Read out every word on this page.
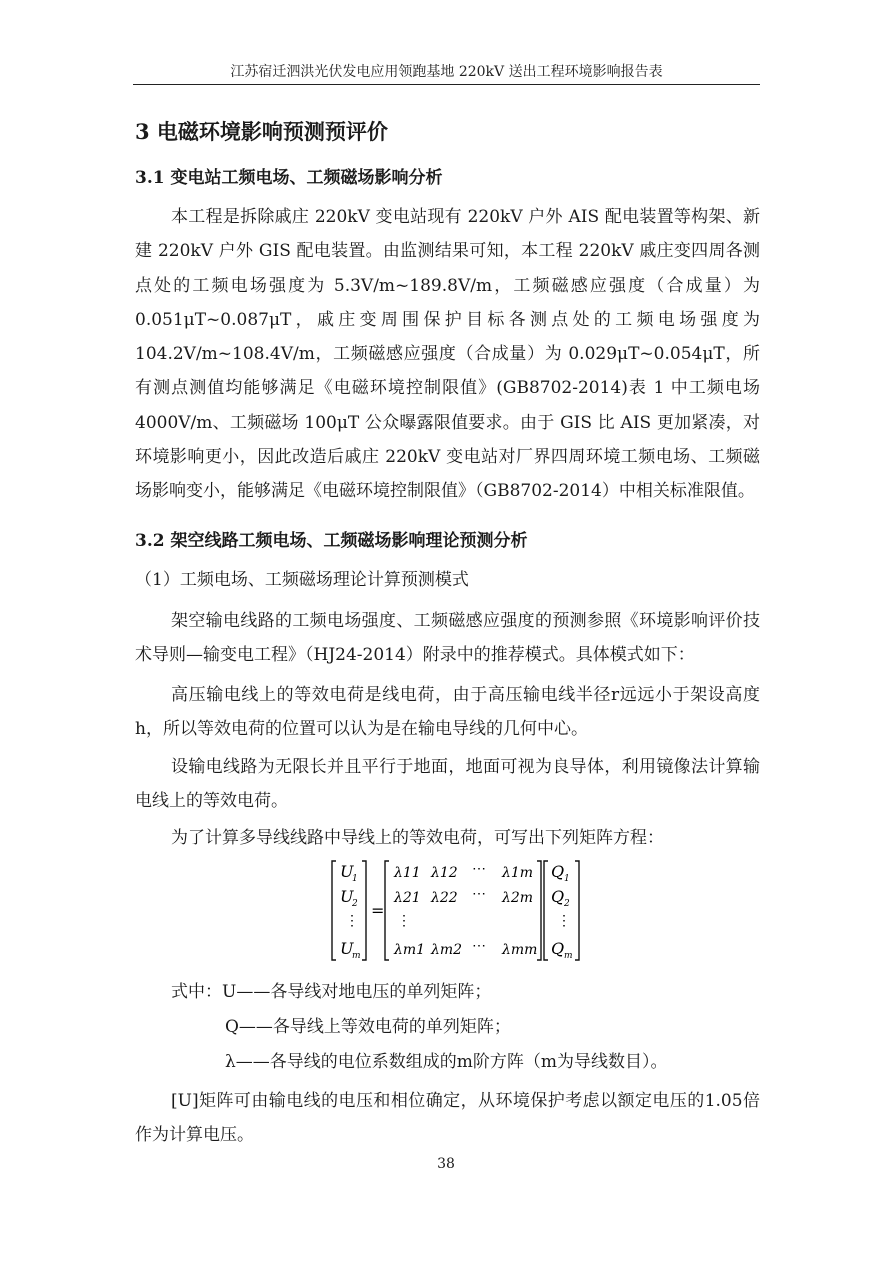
江苏宿迁泗洪光伏发电应用领跑基地 220kV 送出工程环境影响报告表
3 电磁环境影响预测预评价
3.1 变电站工频电场、工频磁场影响分析
本工程是拆除戚庄 220kV 变电站现有 220kV 户外 AIS 配电装置等构架、新建 220kV 户外 GIS 配电装置。由监测结果可知，本工程 220kV 戚庄变四周各测点处的工频电场强度为 5.3V/m~189.8V/m，工频磁感应强度（合成量）为 0.051μT~0.087μT，戚庄变周围保护目标各测点处的工频电场强度为 104.2V/m~108.4V/m，工频磁感应强度（合成量）为 0.029μT~0.054μT，所有测点测值均能够满足《电磁环境控制限值》(GB8702-2014)表 1 中工频电场 4000V/m、工频磁场 100μT 公众曝露限值要求。由于 GIS 比 AIS 更加紧凑，对环境影响更小，因此改造后戚庄 220kV 变电站对厂界四周环境工频电场、工频磁场影响变小，能够满足《电磁环境控制限值》（GB8702-2014）中相关标准限值。
3.2 架空线路工频电场、工频磁场影响理论预测分析
（1）工频电场、工频磁场理论计算预测模式
架空输电线路的工频电场强度、工频磁感应强度的预测参照《环境影响评价技术导则—输变电工程》（HJ24-2014）附录中的推荐模式。具体模式如下：
高压输电线上的等效电荷是线电荷，由于高压输电线半径r远远小于架设高度h，所以等效电荷的位置可以认为是在输电导线的几何中心。
设输电线路为无限长并且平行于地面，地面可视为良导体，利用镜像法计算输电线上的等效电荷。
为了计算多导线线路中导线上的等效电荷，可写出下列矩阵方程：
U
1
U
2
⋮
U
m
=
λ11 λ12 ⋯ λ1m
λ21 λ22 ⋯ λ2m
⋮
λm1 λm2 ⋯ λmm
Q 1
Q 2
⋮
Q m
式中：U——各导线对地电压的单列矩阵；
Q——各导线上等效电荷的单列矩阵；
λ——各导线的电位系数组成的m阶方阵（m为导线数目）。
[U]矩阵可由输电线的电压和相位确定，从环境保护考虑以额定电压的1.05倍作为计算电压。
38
